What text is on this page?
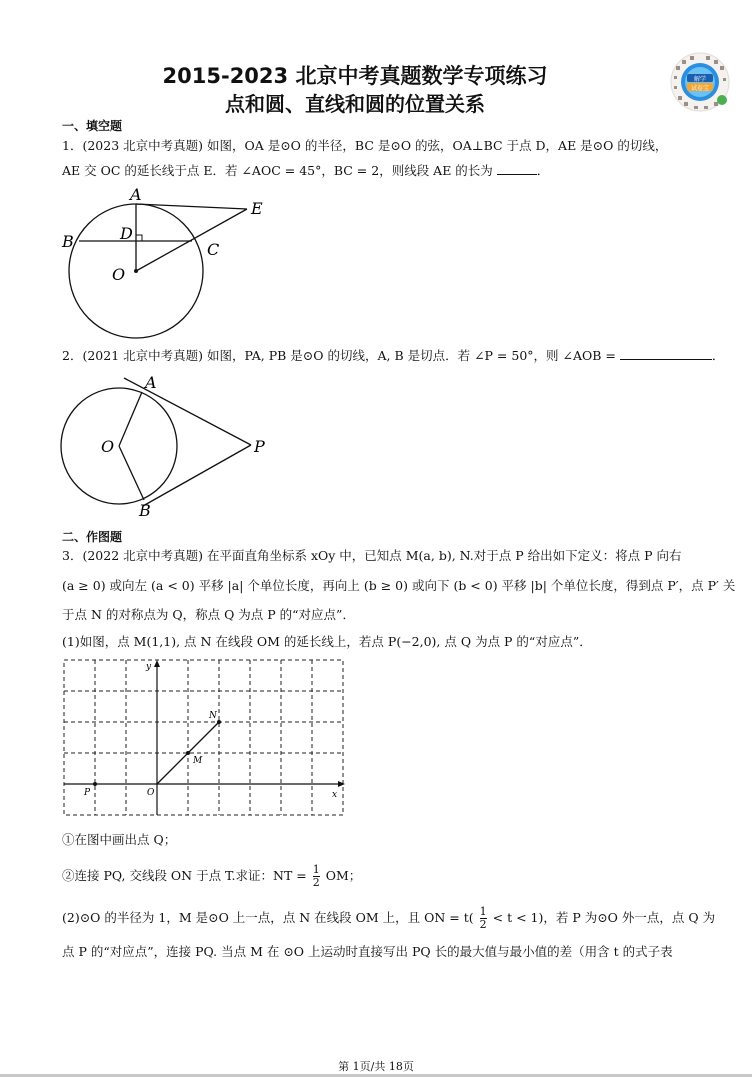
2015-2023 北京中考真题数学专项练习
点和圆、直线和圆的位置关系
解学
试卷宝
一、填空题
1．(2023 北京中考真题) 如图，OA 是⊙O 的半径，BC 是⊙O 的弦，OA⊥BC 于点 D，AE 是⊙O 的切线，
AE 交 OC 的延长线于点 E．若 ∠AOC = 45°，BC = 2，则线段 AE 的长为	．
A
B	C
D
E
O
2．(2021 北京中考真题) 如图，PA, PB 是⊙O 的切线，A, B 是切点．若 ∠P = 50°，则 ∠AOB =	．
A
B
O	P
二、作图题
3．(2022 北京中考真题) 在平面直角坐标系 xOy 中，已知点 M(a, b), N.对于点 P 给出如下定义：将点 P 向右
(a ≥ 0) 或向左 (a < 0) 平移 |a| 个单位长度，再向上 (b ≥ 0) 或向下 (b < 0) 平移 |b| 个单位长度，得到点 P′，点 P′ 关
于点 N 的对称点为 Q，称点 Q 为点 P 的“对应点”．
(1)如图，点 M(1,1), 点 N 在线段 OM 的延长线上，若点 P(−2,0), 点 Q 为点 P 的“对应点”．
y
x
O
P
M
N
①在图中画出点 Q；
②连接 PQ, 交线段 ON 于点 T.求证：NT = $\frac{1}{2}$ OM；
(2)⊙O 的半径为 1，M 是⊙O 上一点，点 N 在线段 OM 上，且 ON = $t( \frac{1}{2} < t < 1)$，若 P 为⊙O 外一点，点 Q 为
点 P 的“对应点”，连接 PQ. 当点 M 在 ⊙O 上运动时直接写出 PQ 长的最大值与最小值的差（用含 t 的式子表
第 1页/共 18页
